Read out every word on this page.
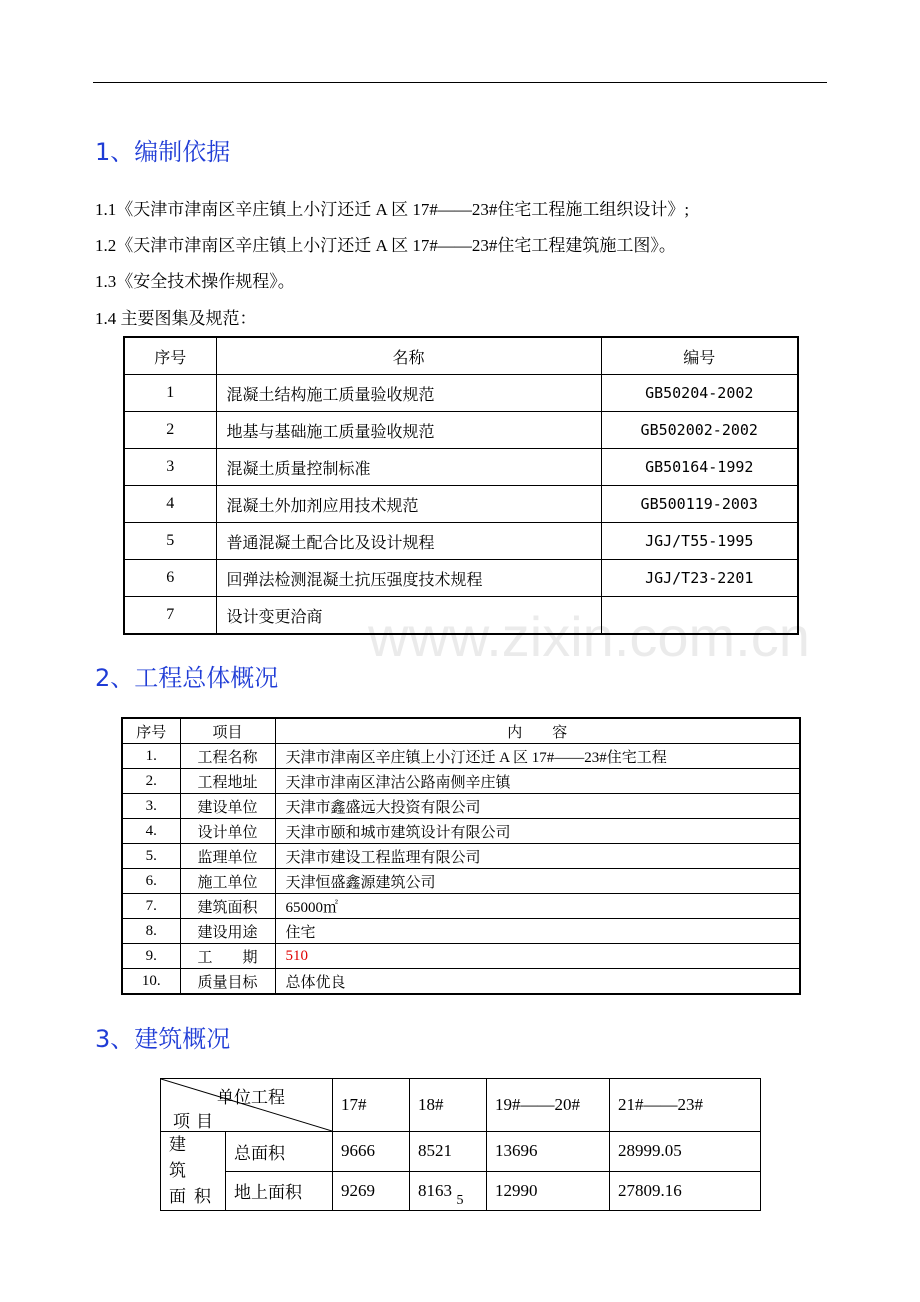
1、编制依据
1.1《天津市津南区辛庄镇上小汀还迁 A 区 17#——23#住宅工程施工组织设计》;
1.2《天津市津南区辛庄镇上小汀还迁 A 区 17#——23#住宅工程建筑施工图》。
1.3《安全技术操作规程》。
1.4 主要图集及规范：
序号	名称	编号
1	混凝土结构施工质量验收规范	GB50204-2002
2	地基与基础施工质量验收规范	GB502002-2002
3	混凝土质量控制标准	GB50164-1992
4	混凝土外加剂应用技术规范	GB500119-2003
5	普通混凝土配合比及设计规程	JGJ/T55-1995
6	回弹法检测混凝土抗压强度技术规程	JGJ/T23-2201
7	设计变更洽商	www.zixin.com.cn
2、工程总体概况
序号	项目	内　　容
1.	工程名称	天津市津南区辛庄镇上小汀还迁 A 区 17#——23#住宅工程
2.	工程地址	天津市津南区津沽公路南侧辛庄镇
3.	建设单位	天津市鑫盛远大投资有限公司
4.	设计单位	天津市颐和城市建筑设计有限公司
5.	监理单位	天津市建设工程监理有限公司
6.	施工单位	天津恒盛鑫源建筑公司
7.	建筑面积	65000㎡
8.	建设用途	住宅
9.	工　　期	510
10.	质量目标	总体优良
3、建筑概况
单位工程
项目		17#	18#	19#——20#	21#——23#
建 筑
面积	总面积	9666	8521	13696	28999.05
	地上面积	9269	8163	12990	27809.16
5
